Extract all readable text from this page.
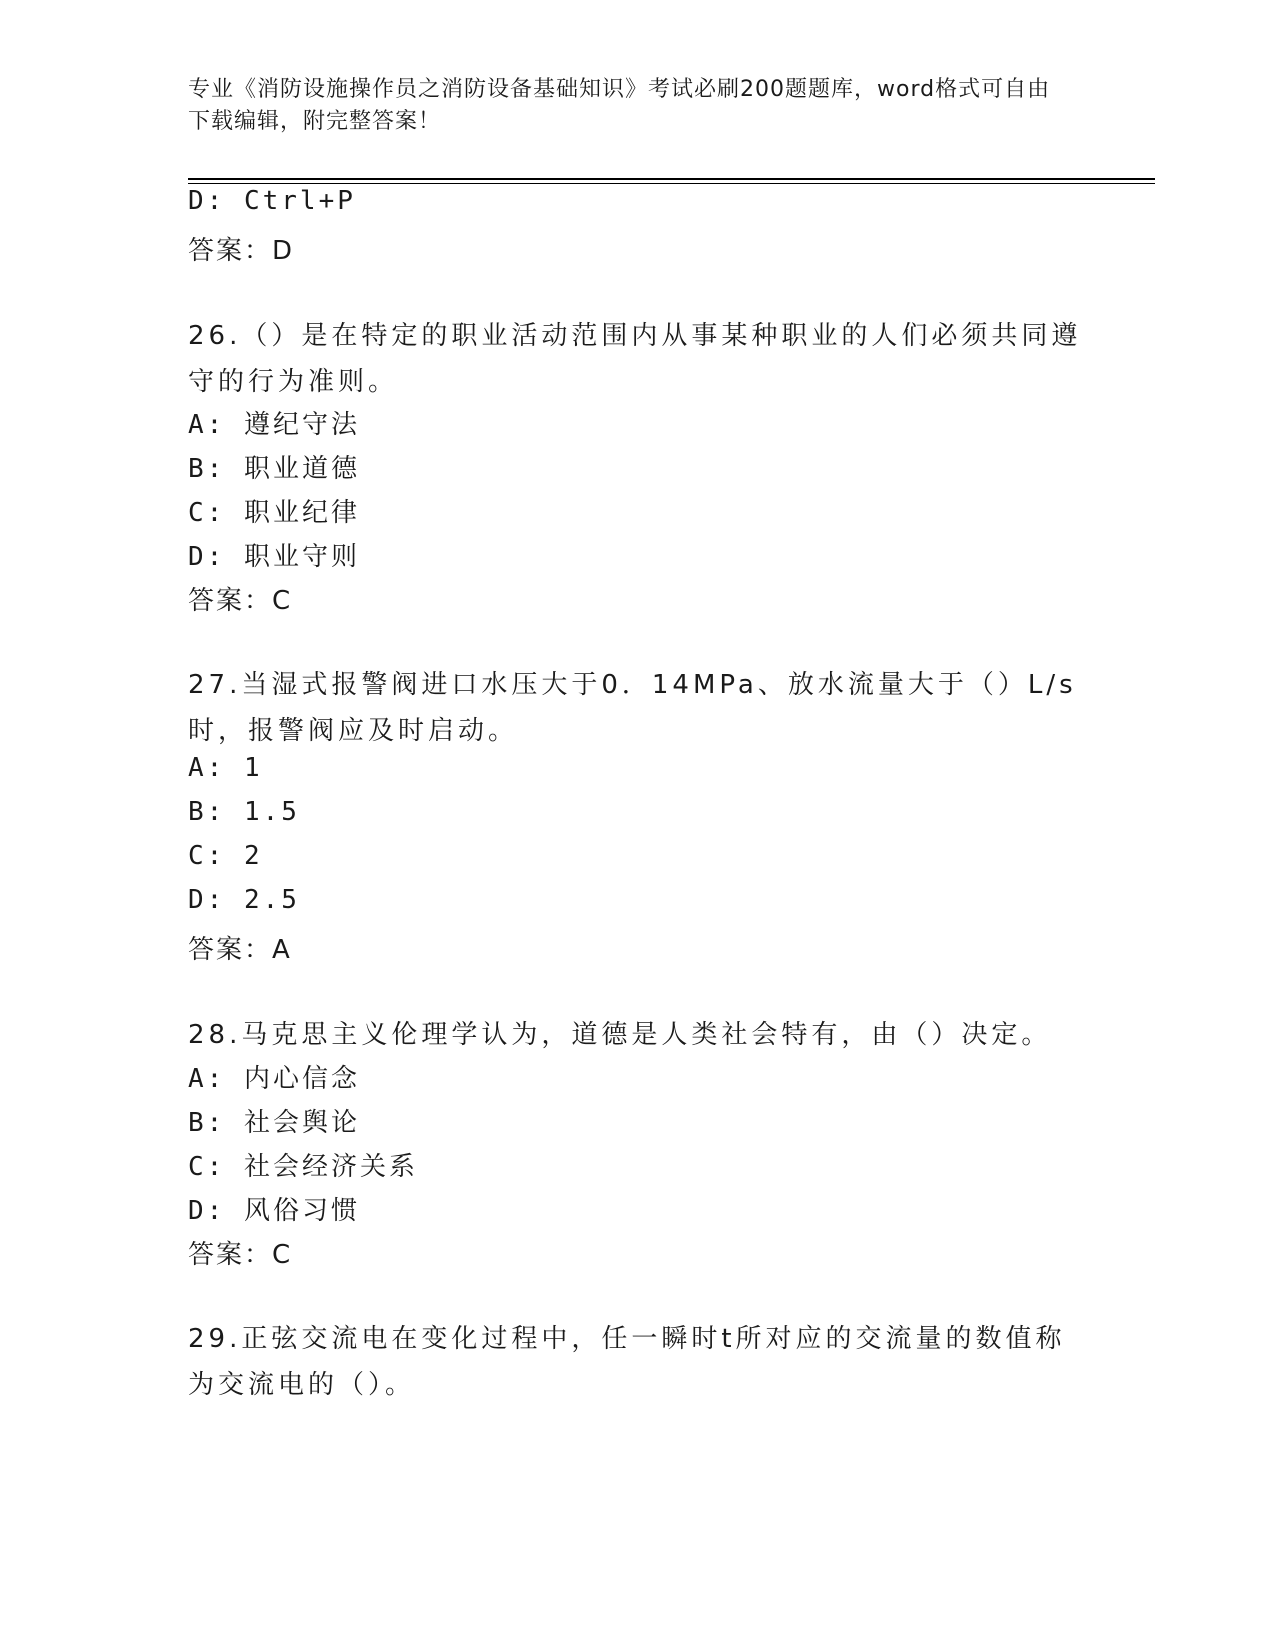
专业《消防设施操作员之消防设备基础知识》考试必刷200题题库，word格式可自由下载编辑，附完整答案！
D: Ctrl+P
答案：D
26.（）是在特定的职业活动范围内从事某种职业的人们必须共同遵守的行为准则。
A: 遵纪守法
B: 职业道德
C: 职业纪律
D: 职业守则
答案：C
27.当湿式报警阀进口水压大于0．14MPa、放水流量大于（）L/s时，报警阀应及时启动。
A: 1
B: 1.5
C: 2
D: 2.5
答案：A
28.马克思主义伦理学认为，道德是人类社会特有，由（）决定。
A: 内心信念
B: 社会舆论
C: 社会经济关系
D: 风俗习惯
答案：C
29.正弦交流电在变化过程中，任一瞬时t所对应的交流量的数值称为交流电的（）。
